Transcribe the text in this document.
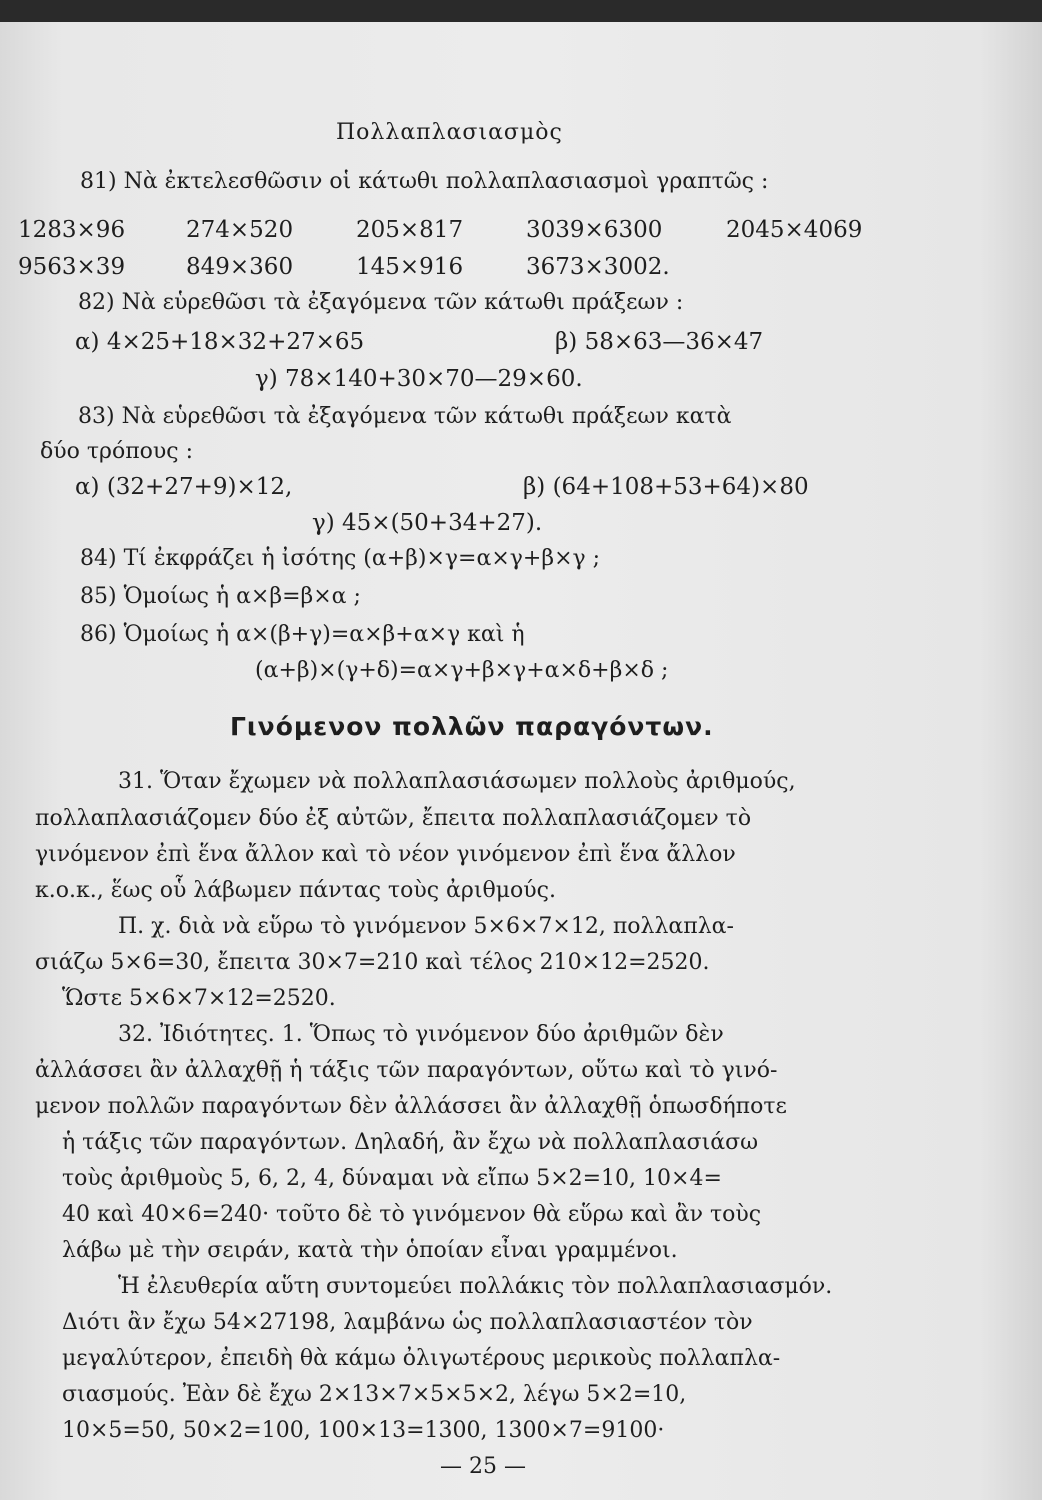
Πολλαπλασιασμὸς
81) Νὰ ἐκτελεσθῶσιν οἱ κάτωθι πολλαπλασιασμοὶ γραπτῶς :
1283×96	274×520	205×817	3039×6300	2045×4069
9563×39	849×360	145×916	3673×3002.
82) Νὰ εὑρεθῶσι τὰ ἐξαγόμενα τῶν κάτωθι πράξεων :
α) 4×25+18×32+27×65	β) 58×63—36×47
γ) 78×140+30×70—29×60.
83) Νὰ εὑρεθῶσι τὰ ἐξαγόμενα τῶν κάτωθι πράξεων κατὰ
δύο τρόπους :
α) (32+27+9)×12,	β) (64+108+53+64)×80
γ) 45×(50+34+27).
84) Τί ἐκφράζει ἡ ἰσότης (α+β)×γ=α×γ+β×γ ;
85) Ὁμοίως ἡ α×β=β×α ;
86) Ὁμοίως ἡ α×(β+γ)=α×β+α×γ καὶ ἡ
(α+β)×(γ+δ)=α×γ+β×γ+α×δ+β×δ ;
Γινόμενον πολλῶν παραγόντων.
31. Ὅταν ἔχωμεν νὰ πολλαπλασιάσωμεν πολλοὺς ἀριθμούς,
πολλαπλασιάζομεν δύο ἐξ αὐτῶν, ἔπειτα πολλαπλασιάζομεν τὸ
γινόμενον ἐπὶ ἕνα ἄλλον καὶ τὸ νέον γινόμενον ἐπὶ ἕνα ἄλλον
κ.ο.κ., ἕως οὗ λάβωμεν πάντας τοὺς ἀριθμούς.
Π. χ. διὰ νὰ εὕρω τὸ γινόμενον 5×6×7×12, πολλαπλα-
σιάζω 5×6=30, ἔπειτα 30×7=210 καὶ τέλος 210×12=2520.
Ὥστε 5×6×7×12=2520.
32. Ἰδιότητες. 1. Ὅπως τὸ γινόμενον δύο ἀριθμῶν δὲν
ἀλλάσσει ἂν ἀλλαχθῇ ἡ τάξις τῶν παραγόντων, οὕτω καὶ τὸ γινό-
μενον πολλῶν παραγόντων δὲν ἀλλάσσει ἂν ἀλλαχθῇ ὁπωσδήποτε
ἡ τάξις τῶν παραγόντων. Δηλαδή, ἂν ἔχω νὰ πολλαπλασιάσω
τοὺς ἀριθμοὺς 5, 6, 2, 4, δύναμαι νὰ εἴπω 5×2=10, 10×4=
40 καὶ 40×6=240· τοῦτο δὲ τὸ γινόμενον θὰ εὕρω καὶ ἂν τοὺς
λάβω μὲ τὴν σειράν, κατὰ τὴν ὁποίαν εἶναι γραμμένοι.
Ἡ ἐλευθερία αὕτη συντομεύει πολλάκις τὸν πολλαπλασιασμόν.
Διότι ἂν ἔχω 54×27198, λαμβάνω ὡς πολλαπλασιαστέον τὸν
μεγαλύτερον, ἐπειδὴ θὰ κάμω ὀλιγωτέρους μερικοὺς πολλαπλα-
σιασμούς. Ἐὰν δὲ ἔχω 2×13×7×5×5×2, λέγω 5×2=10,
10×5=50, 50×2=100, 100×13=1300, 1300×7=9100·
— 25 —
